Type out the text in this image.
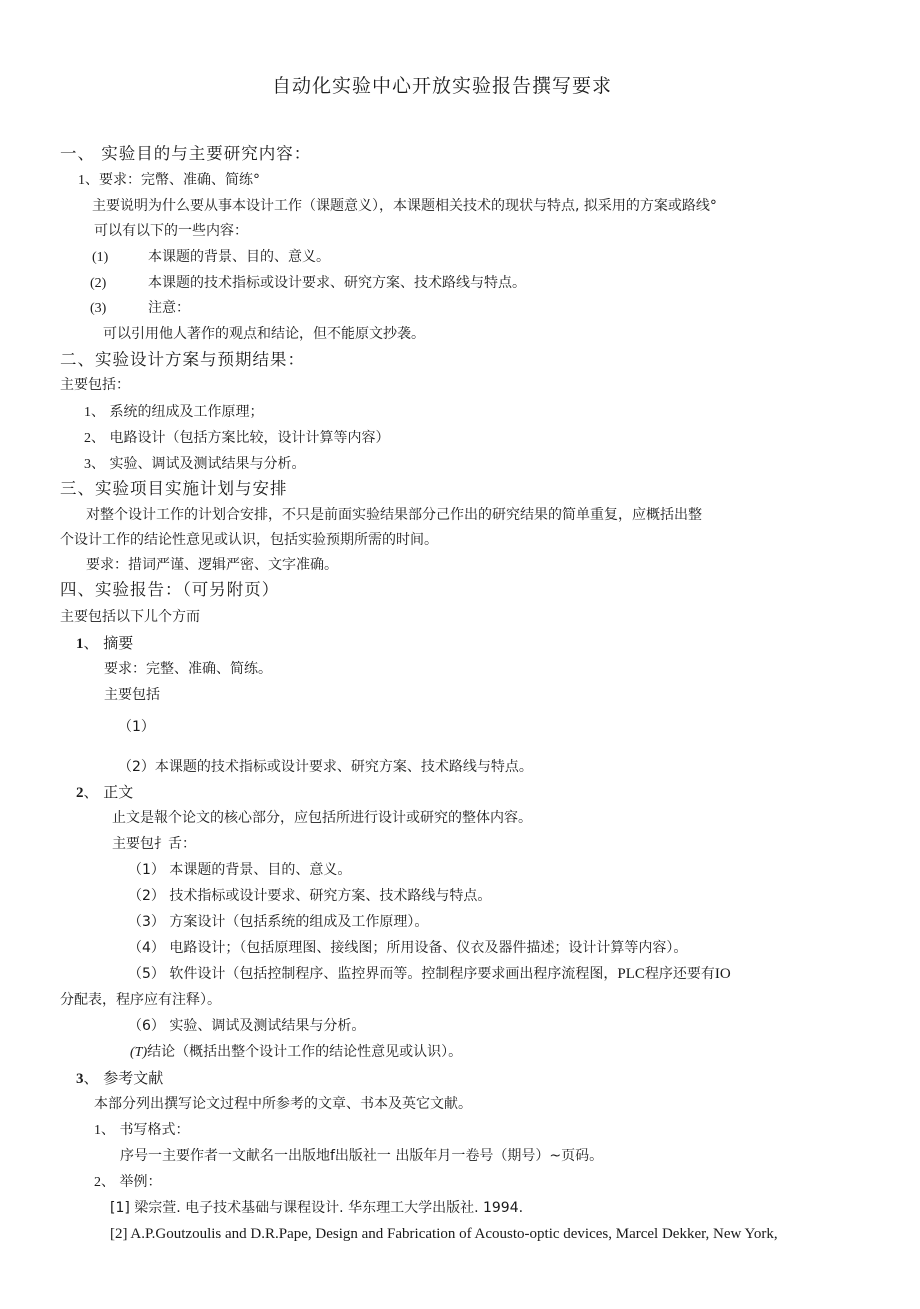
自动化实验中心开放实验报告撰写要求
一、 实验目的与主要研究内容：
1、要求：完幣、准确、简练°
主要说明为什么要从事本设计工作（课题意义），本课题相关技术的现状与特点, 拟采用的方案或路线°
可以有以下的一些内容：
(1)	本课题的背景、目的、意义。
(2)	本课题的技术指标或设计要求、研究方案、技术路线与特点。
(3)	注意：
可以引用他人著作的观点和结论，但不能原文抄袭。
二、实验设计方案与预期结果：
主要包括：
1、 系统的纽成及工作原理；
2、 电路设计（包括方案比较，设计计算等内容）
3、 实验、调试及测试结果与分析。
三、实验项目实施计划与安排
对整个设计工作的计划合安排，不只是前面实验结果部分己作出的研究结果的简单重复，应概括出整
个设计工作的结论性意见或认识，包括实验预期所需的时间。
要求：措词严谨、逻辑严密、文字准确。
四、实验报告：（可另附页）
主要包括以下儿个方而
1、 摘要
要求：完整、准确、简练。
主要包括
（1）
（2）本课题的技术指标或设计要求、研究方案、技术路线与特点。
2、 正文
止文是報个论文的核心部分，应包括所进行设计或研究的整体内容。
主要包扌舌：
（1） 本课题的背景、目的、意义。
（2） 技术指标或设计要求、研究方案、技术路线与特点。
（3） 方案设计（包括系统的组成及工作原理）。
（4） 电路设计；（包括原理图、接线图；所用设备、仪衣及器件描述；设计计算等内容）。
（5） 软件设计（包括控制程序、监控界而等。控制程序要求画出程序流程图，PLC程序还要有IO
分配表，程序应有注释）。
（6） 实验、调试及测试结果与分析。
(T)结论（概括出整个设计工作的结论性意见或认识）。
3、 参考文献
本部分列出撰写论文过程中所参考的文章、书本及英它文献。
1、 书写格式：
序号一主要作者一文献名一出版地f出版社一 出版年月一卷号（期号）~页码。
2、 举例：
[1] 梁宗萱. 电子技术基础与课程设计. 华东理工大学出版社. 1994.
[2] A.P.Goutzoulis and D.R.Pape, Design and Fabrication of Acousto-optic devices, Marcel Dekker, New York,
